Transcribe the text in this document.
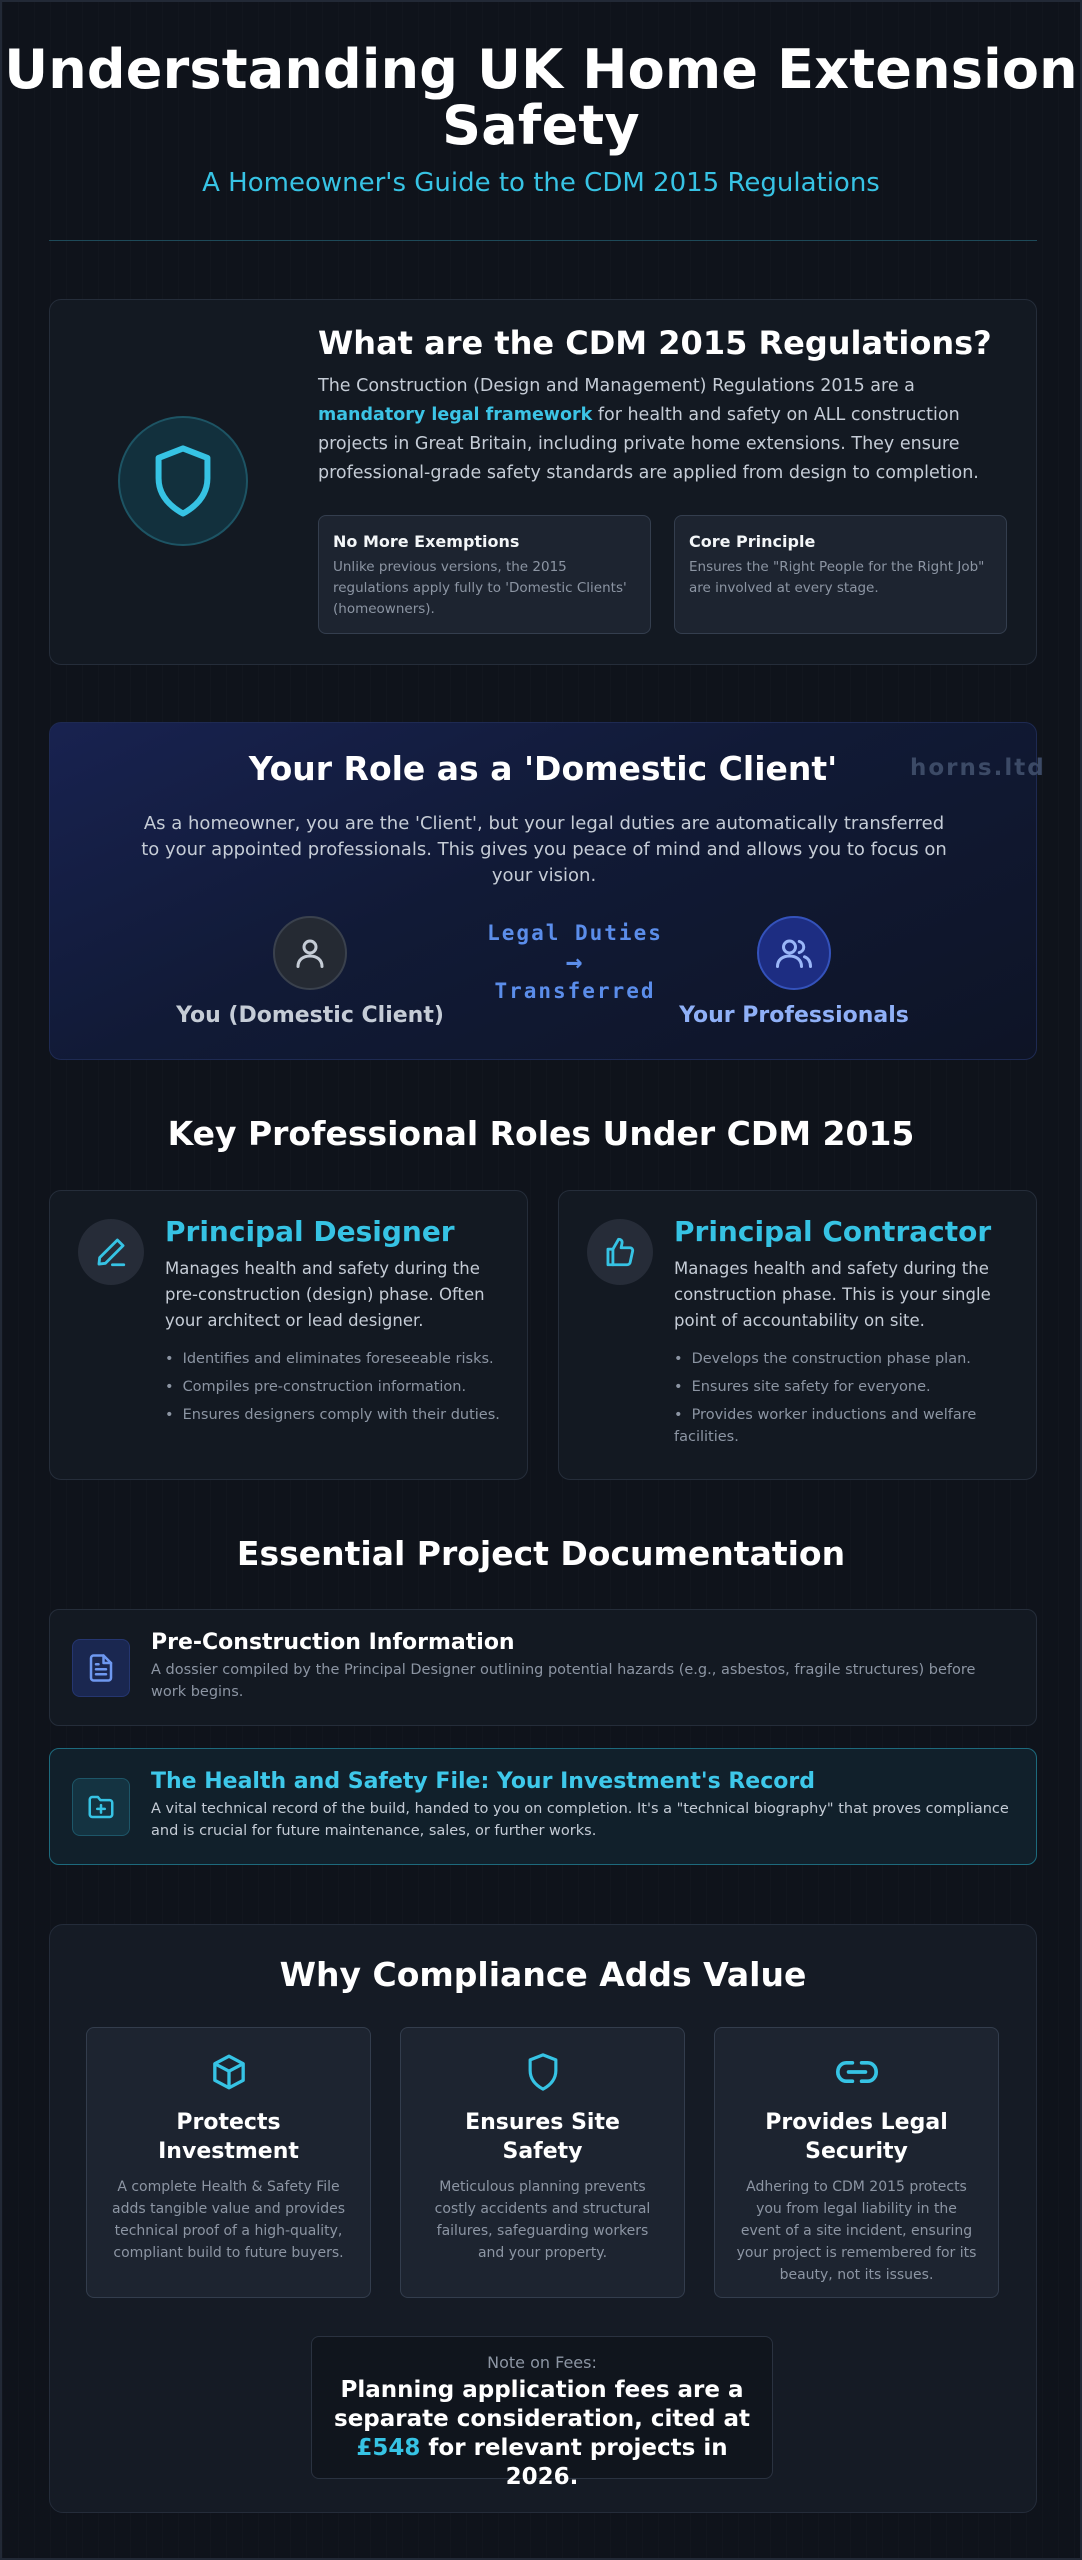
Understanding UK Home Extension Safety
A Homeowner's Guide to the CDM 2015 Regulations
What are the CDM 2015 Regulations?
The Construction (Design and Management) Regulations 2015 are a mandatory legal framework for health and safety on ALL construction projects in Great Britain, including private home extensions. They ensure professional-grade safety standards are applied from design to completion.
No More Exemptions
Unlike previous versions, the 2015 regulations apply fully to 'Domestic Clients' (homeowners).
Core Principle
Ensures the "Right People for the Right Job" are involved at every stage.
Your Role as a 'Domestic Client'	horns.ltd
As a homeowner, you are the 'Client', but your legal duties are automatically transferred to your appointed professionals. This gives you peace of mind and allows you to focus on your vision.
You (Domestic Client)
Legal Duties
→
Transferred
Your Professionals
Key Professional Roles Under CDM 2015
Principal Designer
Manages health and safety during the pre-construction (design) phase. Often your architect or lead designer.
• Identifies and eliminates foreseeable risks.
• Compiles pre-construction information.
• Ensures designers comply with their duties.
Principal Contractor
Manages health and safety during the construction phase. This is your single point of accountability on site.
• Develops the construction phase plan.
• Ensures site safety for everyone.
• Provides worker inductions and welfare facilities.
Essential Project Documentation
Pre-Construction Information
A dossier compiled by the Principal Designer outlining potential hazards (e.g., asbestos, fragile structures) before work begins.
The Health and Safety File: Your Investment's Record
A vital technical record of the build, handed to you on completion. It's a "technical biography" that proves compliance and is crucial for future maintenance, sales, or further works.
Why Compliance Adds Value
Protects Investment
A complete Health & Safety File adds tangible value and provides technical proof of a high-quality, compliant build to future buyers.
Ensures Site Safety
Meticulous planning prevents costly accidents and structural failures, safeguarding workers and your property.
Provides Legal Security
Adhering to CDM 2015 protects you from legal liability in the event of a site incident, ensuring your project is remembered for its beauty, not its issues.
Note on Fees:
Planning application fees are a separate consideration, cited at £548 for relevant projects in 2026.
